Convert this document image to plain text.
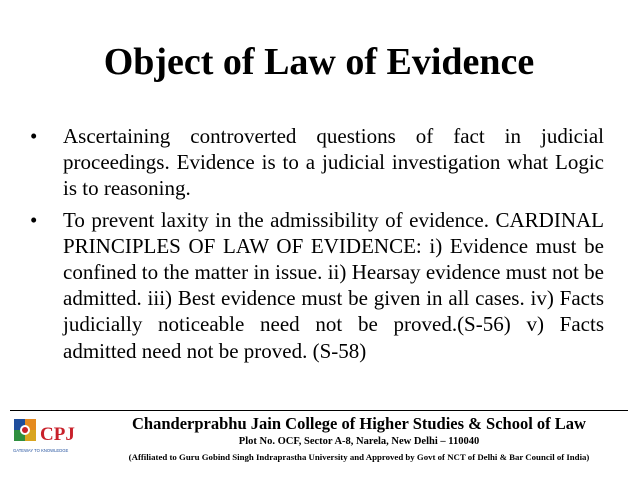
Object of Law of Evidence
• Ascertaining controverted questions of fact in judicial proceedings. Evidence is to a judicial investigation what Logic is to reasoning.
• To prevent laxity in the admissibility of evidence. CARDINAL PRINCIPLES OF LAW OF EVIDENCE: i) Evidence must be confined to the matter in issue. ii) Hearsay evidence must not be admitted. iii) Best evidence must be given in all cases. iv) Facts judicially noticeable need not be proved.(S-56) v) Facts admitted need not be proved. (S-58)
CPJ
GATEWAY TO KNOWLEDGE
Chanderprabhu Jain College of Higher Studies & School of Law
Plot No. OCF, Sector A-8, Narela, New Delhi – 110040
(Affiliated to Guru Gobind Singh Indraprastha University and Approved by Govt of NCT of Delhi & Bar Council of India)
